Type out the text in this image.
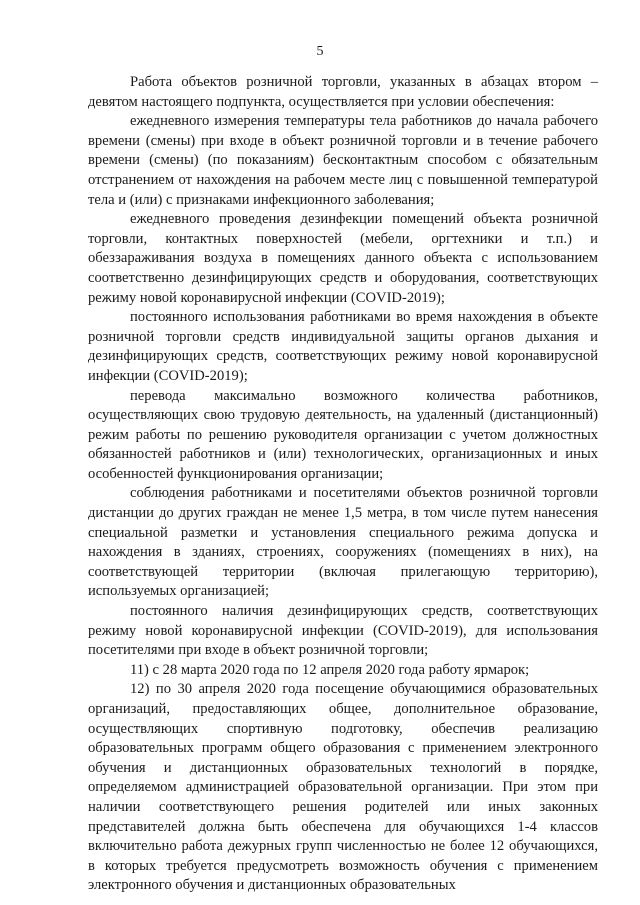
5

Работа объектов розничной торговли, указанных в абзацах втором – девятом настоящего подпункта, осуществляется при условии обеспечения:

ежедневного измерения температуры тела работников до начала рабочего времени (смены) при входе в объект розничной торговли и в течение рабочего времени (смены) (по показаниям) бесконтактным способом с обязательным отстранением от нахождения на рабочем месте лиц с повышенной температурой тела и (или) с признаками инфекционного заболевания;

ежедневного проведения дезинфекции помещений объекта розничной торговли, контактных поверхностей (мебели, оргтехники и т.п.) и обеззараживания воздуха в помещениях данного объекта с использованием соответственно дезинфицирующих средств и оборудования, соответствующих режиму новой коронавирусной инфекции (COVID-2019);

постоянного использования работниками во время нахождения в объекте розничной торговли средств индивидуальной защиты органов дыхания и дезинфицирующих средств, соответствующих режиму новой коронавирусной инфекции (COVID-2019);

перевода максимально возможного количества работников, осуществляющих свою трудовую деятельность, на удаленный (дистанционный) режим работы по решению руководителя организации с учетом должностных обязанностей работников и (или) технологических, организационных и иных особенностей функционирования организации;

соблюдения работниками и посетителями объектов розничной торговли дистанции до других граждан не менее 1,5 метра, в том числе путем нанесения специальной разметки и установления специального режима допуска и нахождения в зданиях, строениях, сооружениях (помещениях в них), на соответствующей территории (включая прилегающую территорию), используемых организацией;

постоянного наличия дезинфицирующих средств, соответствующих режиму новой коронавирусной инфекции (COVID-2019), для использования посетителями при входе в объект розничной торговли;

11) с 28 марта 2020 года по 12 апреля 2020 года работу ярмарок;

12) по 30 апреля 2020 года посещение обучающимися образовательных организаций, предоставляющих общее, дополнительное образование, осуществляющих спортивную подготовку, обеспечив реализацию образовательных программ общего образования с применением электронного обучения и дистанционных образовательных технологий в порядке, определяемом администрацией образовательной организации. При этом при наличии соответствующего решения родителей или иных законных представителей должна быть обеспечена для обучающихся 1-4 классов включительно работа дежурных групп численностью не более 12 обучающихся, в которых требуется предусмотреть возможность обучения с применением электронного обучения и дистанционных образовательных
